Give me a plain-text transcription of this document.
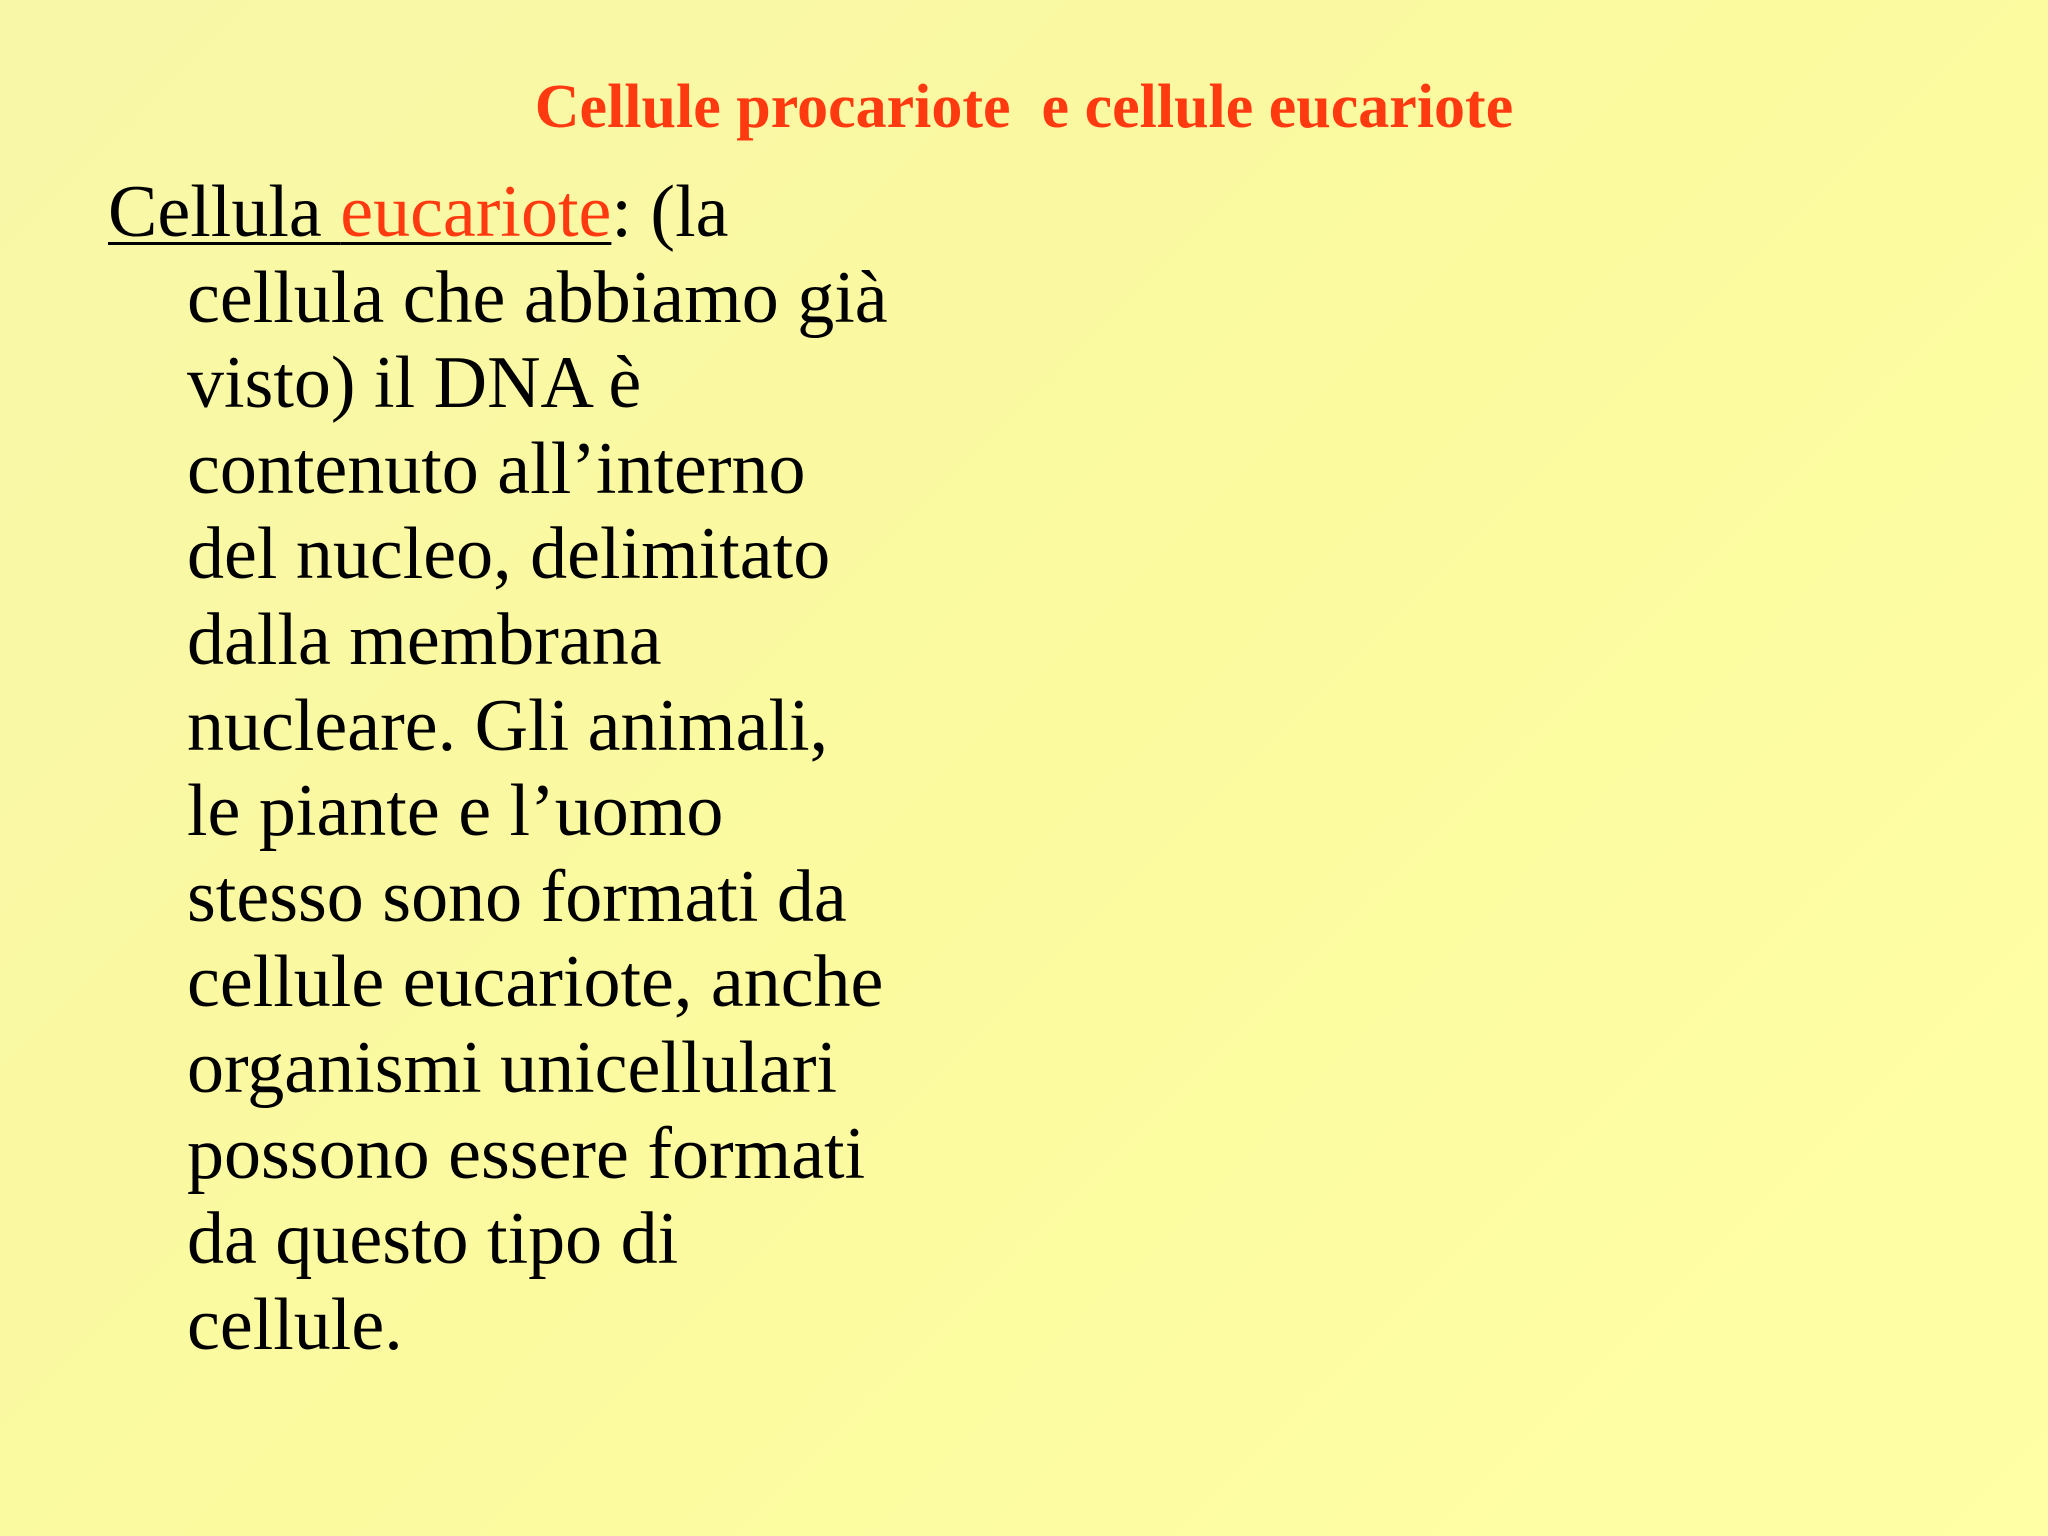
Cellule procariote  e cellule eucariote

Cellula eucariote: (la
cellula che abbiamo già
visto) il DNA è
contenuto all’interno
del nucleo, delimitato
dalla membrana
nucleare. Gli animali,
le piante e l’uomo
stesso sono formati da
cellule eucariote, anche
organismi unicellulari
possono essere formati
da questo tipo di
cellule.
